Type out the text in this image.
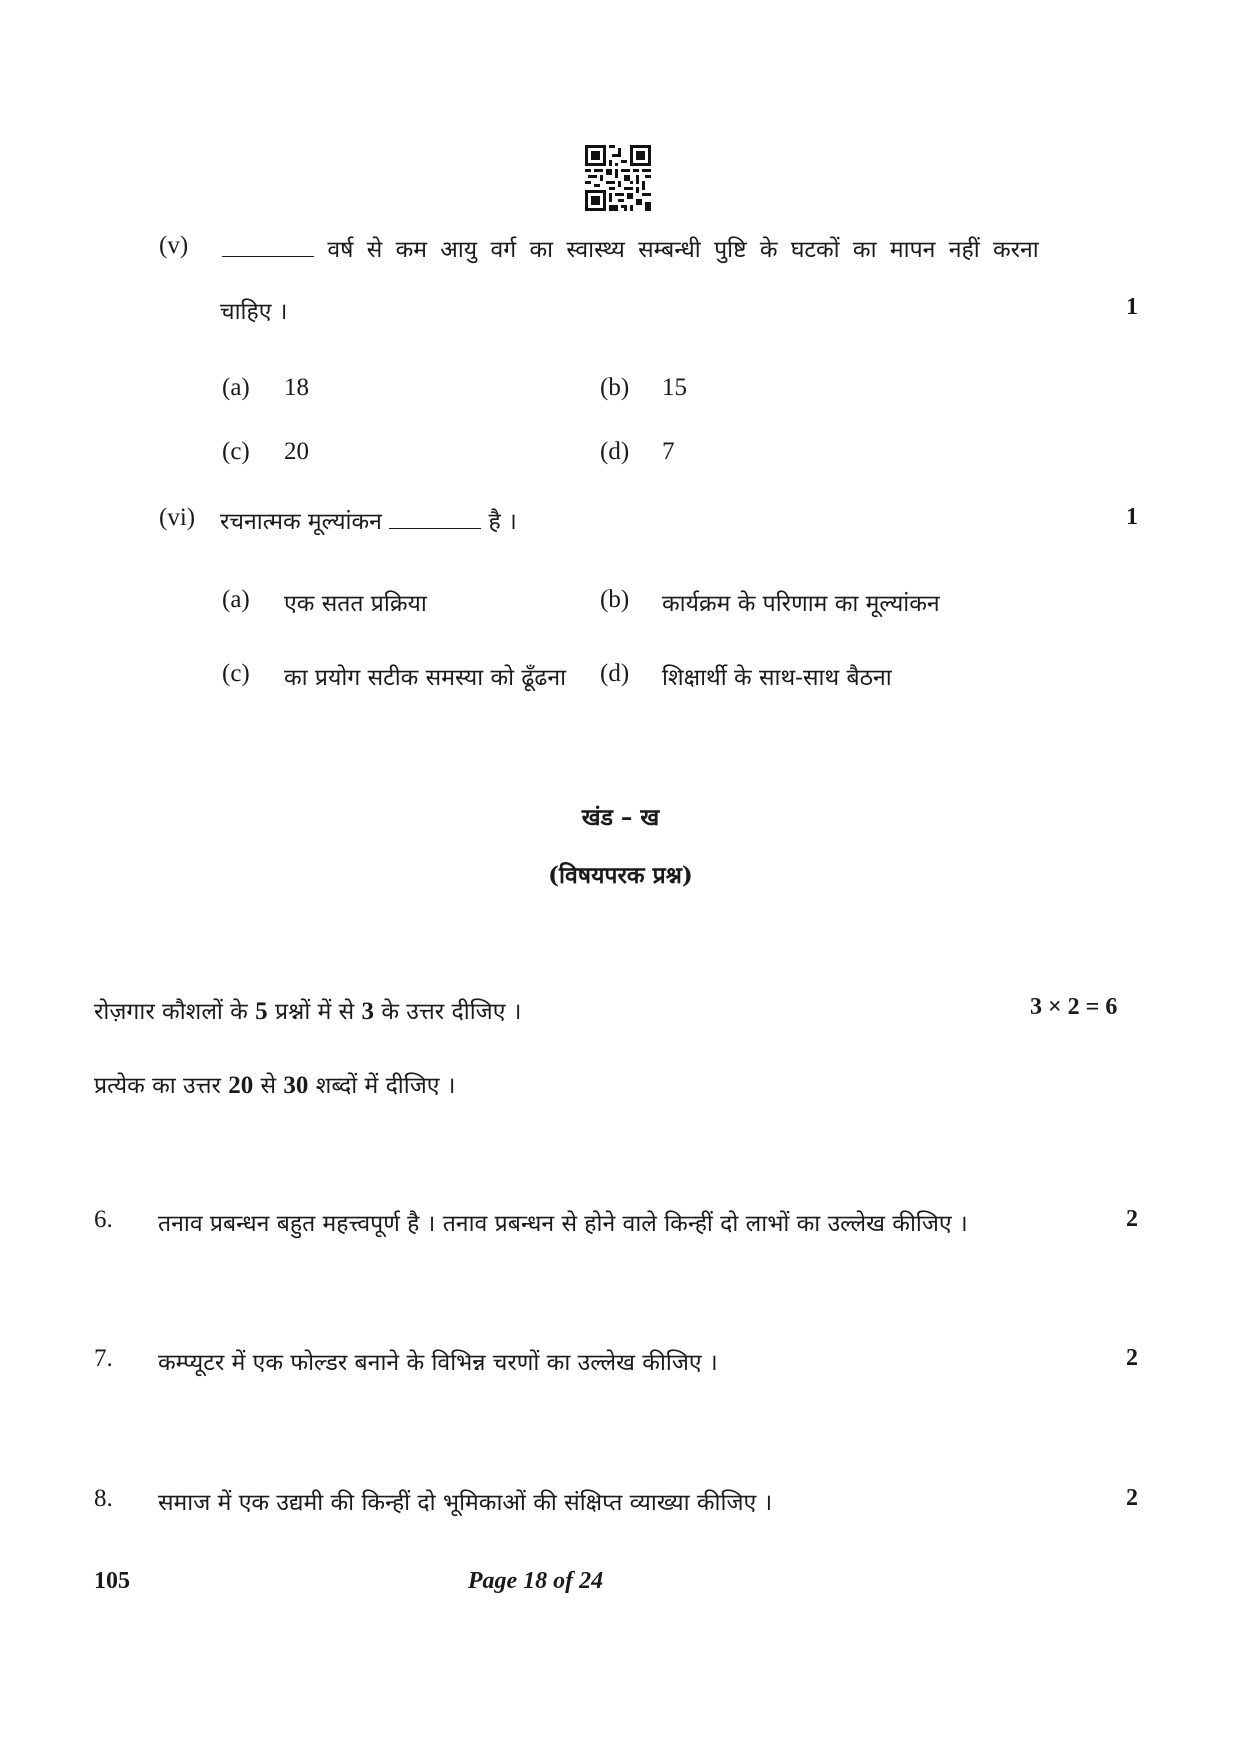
(v)	वर्ष से कम आयु वर्ग का स्वास्थ्य सम्बन्धी पुष्टि के घटकों का मापन नहीं करना
चाहिए ।	1
(a) 18	(b) 15
(c) 20	(d) 7
(vi) रचनात्मक मूल्यांकन	है ।	1
(a) एक सतत प्रक्रिया	(b) कार्यक्रम के परिणाम का मूल्यांकन
(c) का प्रयोग सटीक समस्या को ढूँढना (d) शिक्षार्थी के साथ-साथ बैठना
खंड – ख
(विषयपरक प्रश्न)
रोज़गार कौशलों के 5 प्रश्नों में से 3 के उत्तर दीजिए ।	3 × 2 = 6
प्रत्येक का उत्तर 20 से 30 शब्दों में दीजिए ।
6. तनाव प्रबन्धन बहुत महत्त्वपूर्ण है । तनाव प्रबन्धन से होने वाले किन्हीं दो लाभों का उल्लेख कीजिए ।	2
7. कम्प्यूटर में एक फोल्डर बनाने के विभिन्न चरणों का उल्लेख कीजिए ।	2
8. समाज में एक उद्यमी की किन्हीं दो भूमिकाओं की संक्षिप्त व्याख्या कीजिए ।	2
105	Page 18 of 24
